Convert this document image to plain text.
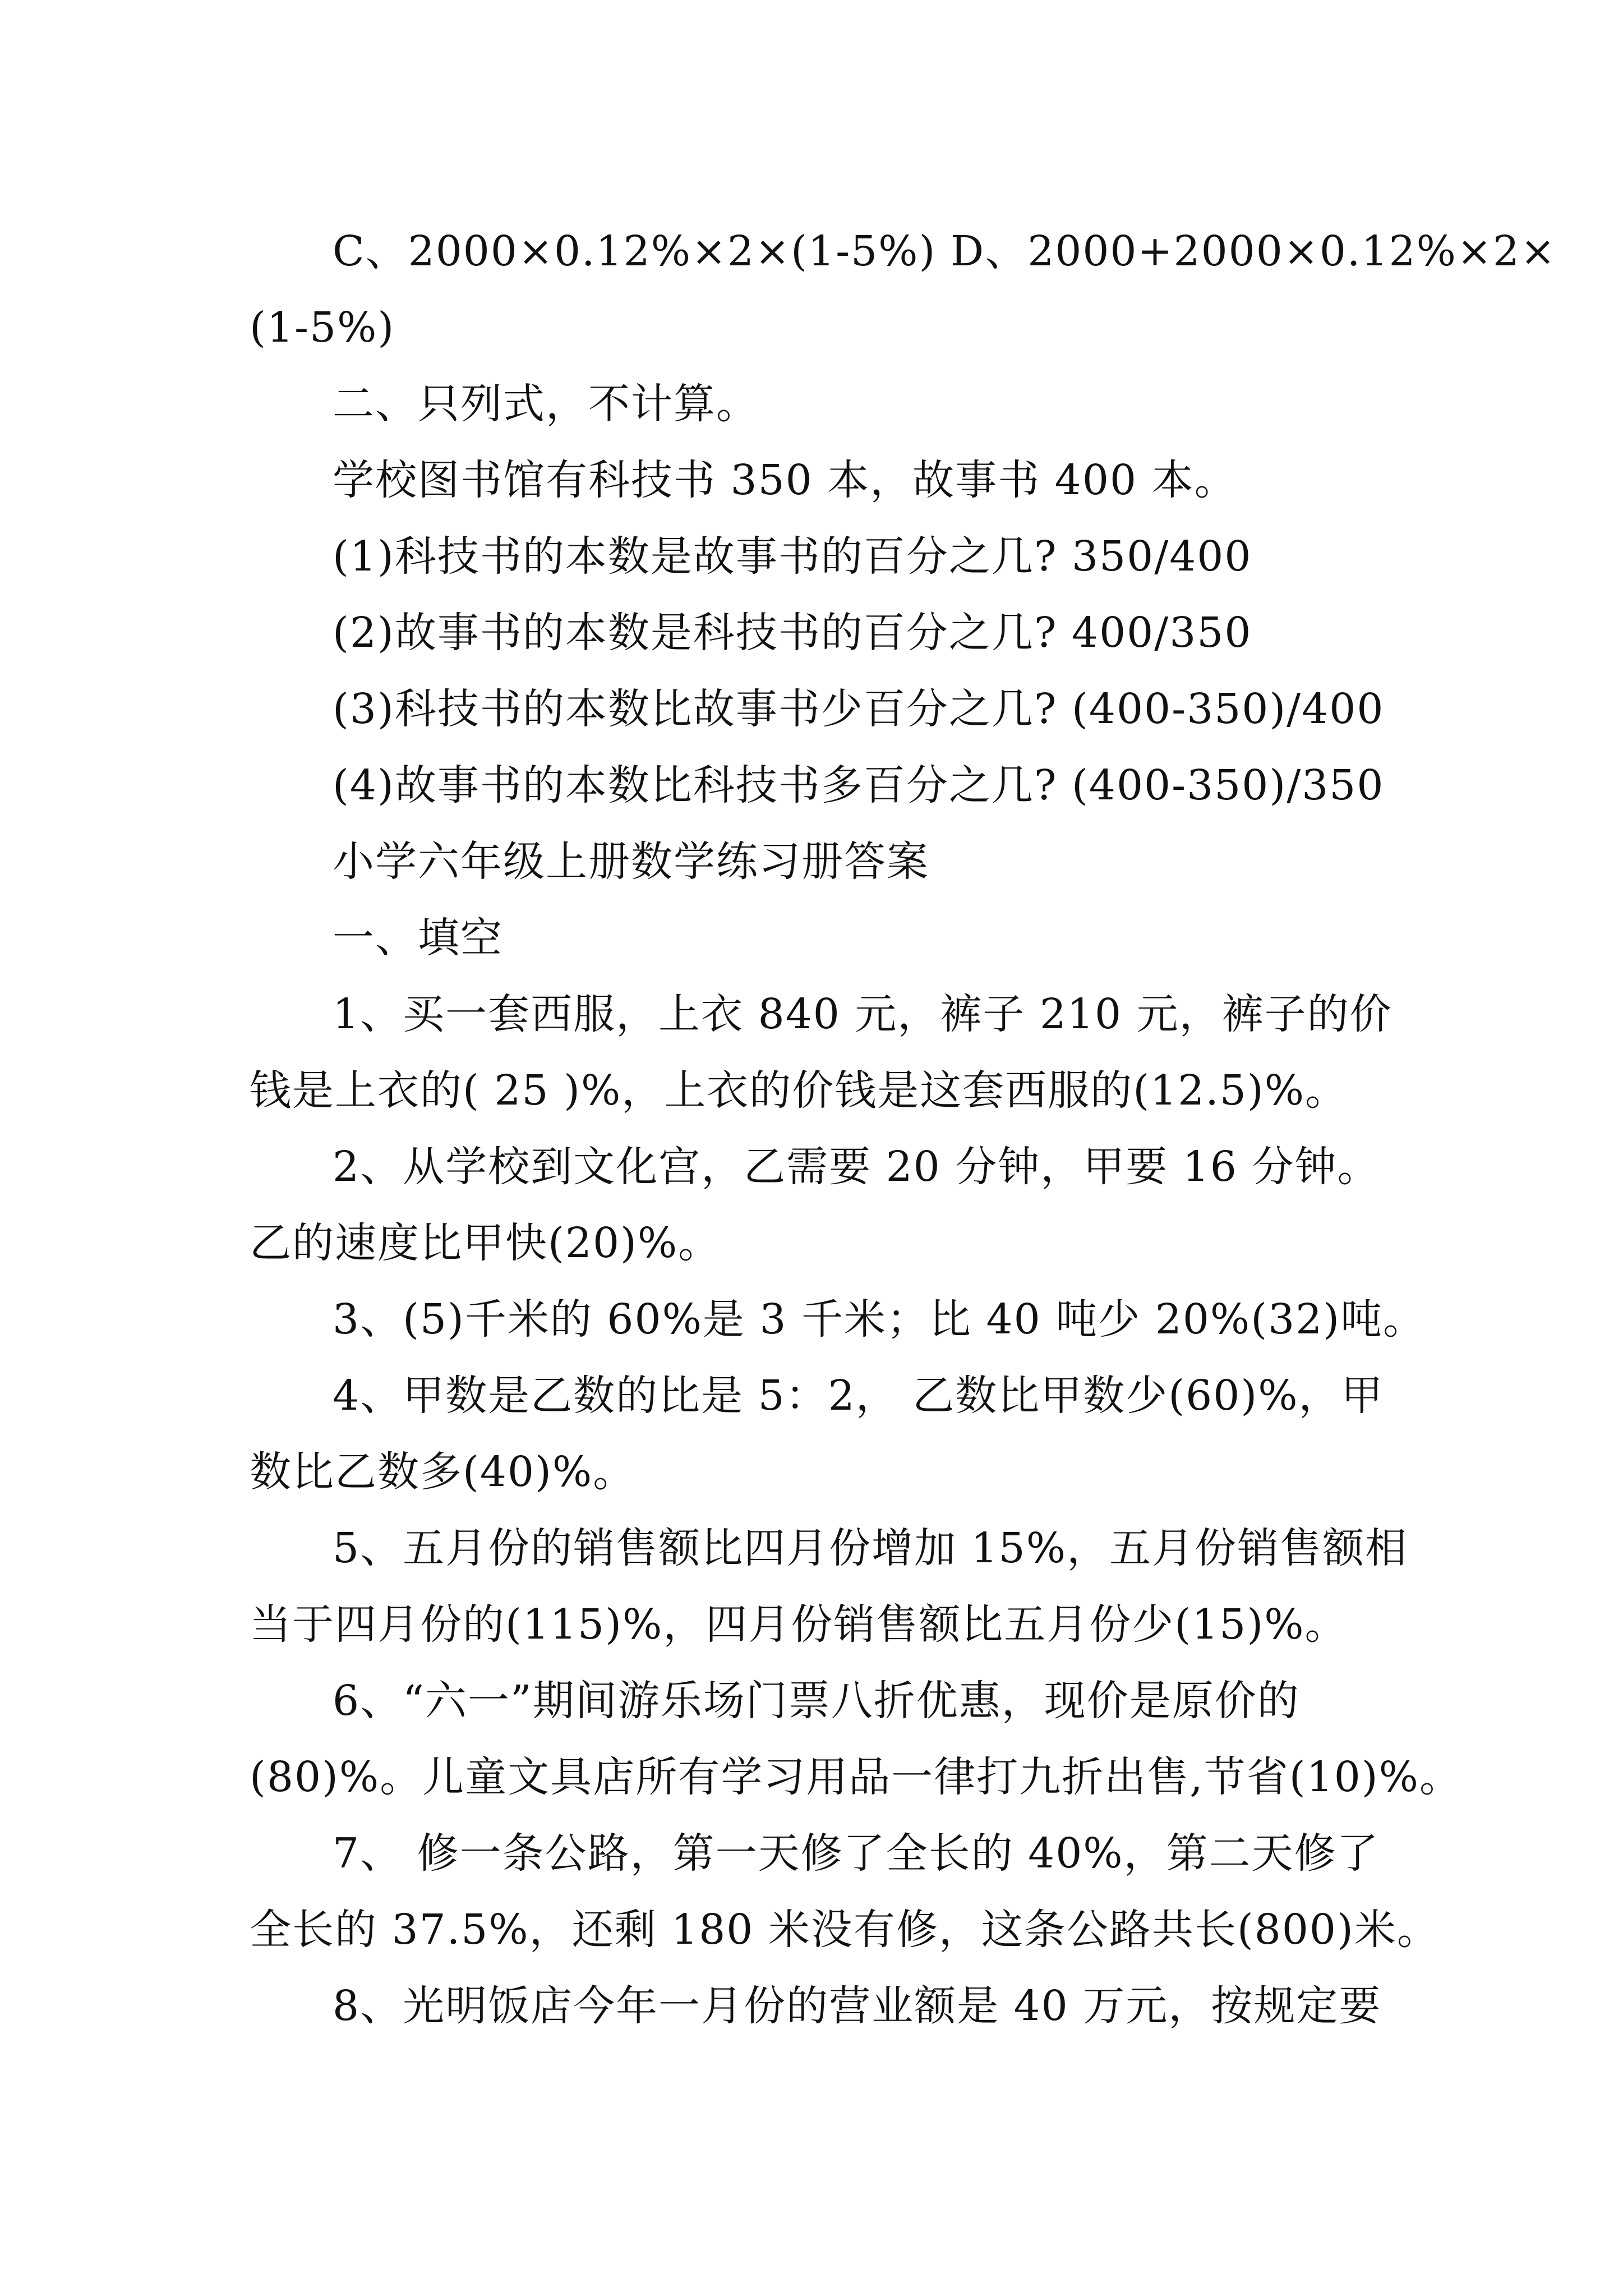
C、2000×0.12%×2×(1-5%) D、2000+2000×0.12%×2×
(1-5%)
二、只列式，不计算。
学校图书馆有科技书 350 本，故事书 400 本。
(1)科技书的本数是故事书的百分之几? 350/400
(2)故事书的本数是科技书的百分之几? 400/350
(3)科技书的本数比故事书少百分之几? (400-350)/400
(4)故事书的本数比科技书多百分之几? (400-350)/350
小学六年级上册数学练习册答案
一、填空
1、买一套西服，上衣 840 元，裤子 210 元，裤子的价
钱是上衣的( 25 )%，上衣的价钱是这套西服的(12.5)%。
2、从学校到文化宫，乙需要 20 分钟，甲要 16 分钟。
乙的速度比甲快(20)%。
3、(5)千米的 60%是 3 千米；比 40 吨少 20%(32)吨。
4、甲数是乙数的比是 5：2， 乙数比甲数少(60)%，甲
数比乙数多(40)%。
5、五月份的销售额比四月份增加 15%，五月份销售额相
当于四月份的(115)%，四月份销售额比五月份少(15)%。
6、“六一”期间游乐场门票八折优惠，现价是原价的
(80)%。儿童文具店所有学习用品一律打九折出售,节省(10)%。
7、 修一条公路，第一天修了全长的 40%，第二天修了
全长的 37.5%，还剩 180 米没有修，这条公路共长(800)米。
8、光明饭店今年一月份的营业额是 40 万元，按规定要
